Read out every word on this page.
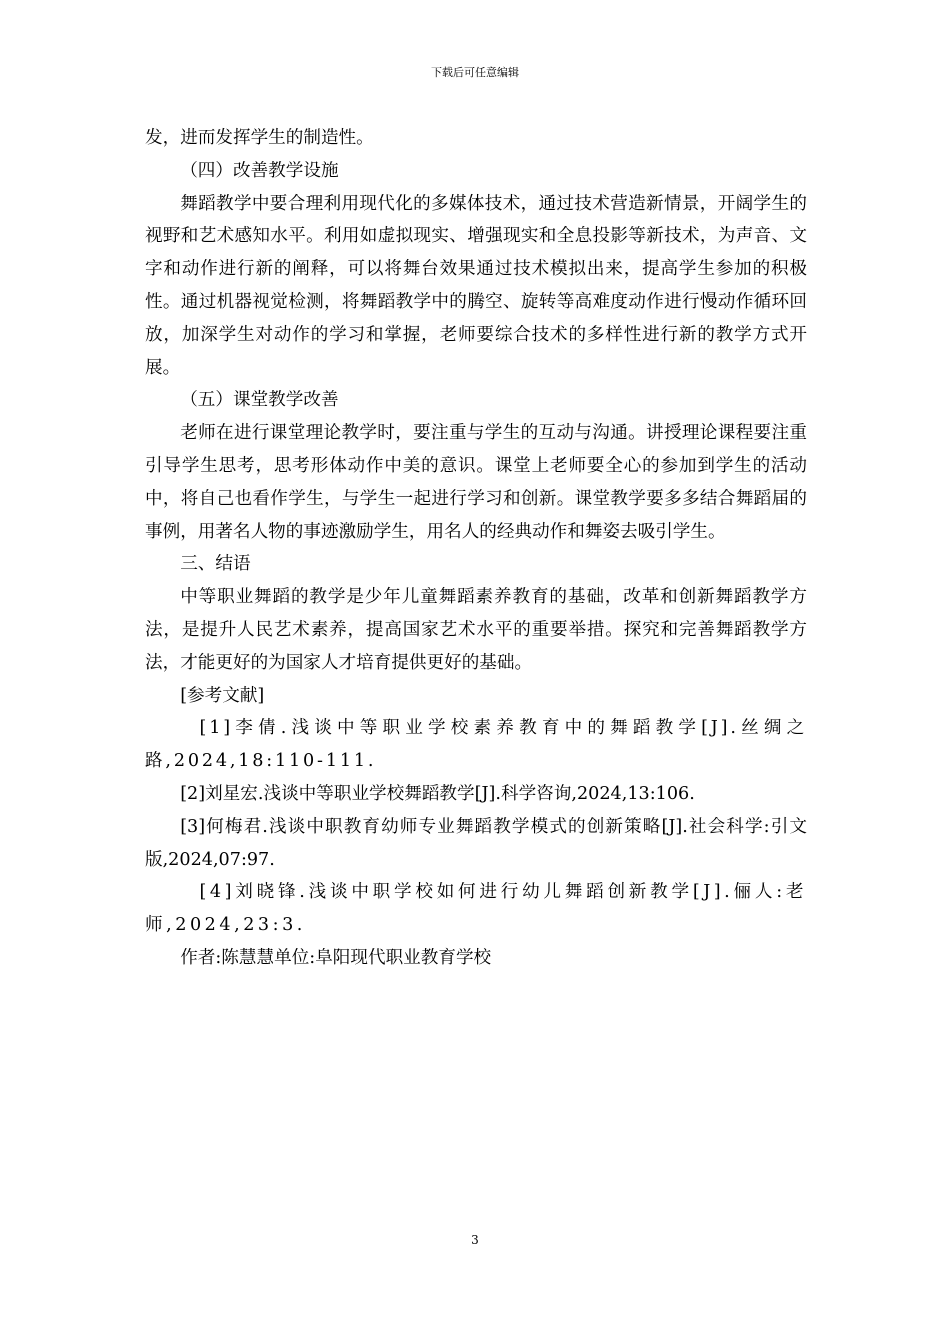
下载后可任意编辑

发，进而发挥学生的制造性。

（四）改善教学设施

舞蹈教学中要合理利用现代化的多媒体技术，通过技术营造新情景，开阔学生的视野和艺术感知水平。利用如虚拟现实、增强现实和全息投影等新技术，为声音、文字和动作进行新的阐释，可以将舞台效果通过技术模拟出来，提高学生参加的积极性。通过机器视觉检测，将舞蹈教学中的腾空、旋转等高难度动作进行慢动作循环回放，加深学生对动作的学习和掌握，老师要综合技术的多样性进行新的教学方式开展。

（五）课堂教学改善

老师在进行课堂理论教学时，要注重与学生的互动与沟通。讲授理论课程要注重引导学生思考，思考形体动作中美的意识。课堂上老师要全心的参加到学生的活动中，将自己也看作学生，与学生一起进行学习和创新。课堂教学要多多结合舞蹈届的事例，用著名人物的事迹激励学生，用名人的经典动作和舞姿去吸引学生。

三、结语

中等职业舞蹈的教学是少年儿童舞蹈素养教育的基础，改革和创新舞蹈教学方法，是提升人民艺术素养，提高国家艺术水平的重要举措。探究和完善舞蹈教学方法，才能更好的为国家人才培育提供更好的基础。

[参考文献]

[1]李倩.浅谈中等职业学校素养教育中的舞蹈教学[J].丝绸之路,2024,18:110-111.

[2]刘星宏.浅谈中等职业学校舞蹈教学[J].科学咨询,2024,13:106.

[3]何梅君.浅谈中职教育幼师专业舞蹈教学模式的创新策略[J].社会科学:引文版,2024,07:97.

[4]刘晓锋.浅谈中职学校如何进行幼儿舞蹈创新教学[J].俪人:老师,2024,23:3.

作者:陈慧慧单位:阜阳现代职业教育学校

3
